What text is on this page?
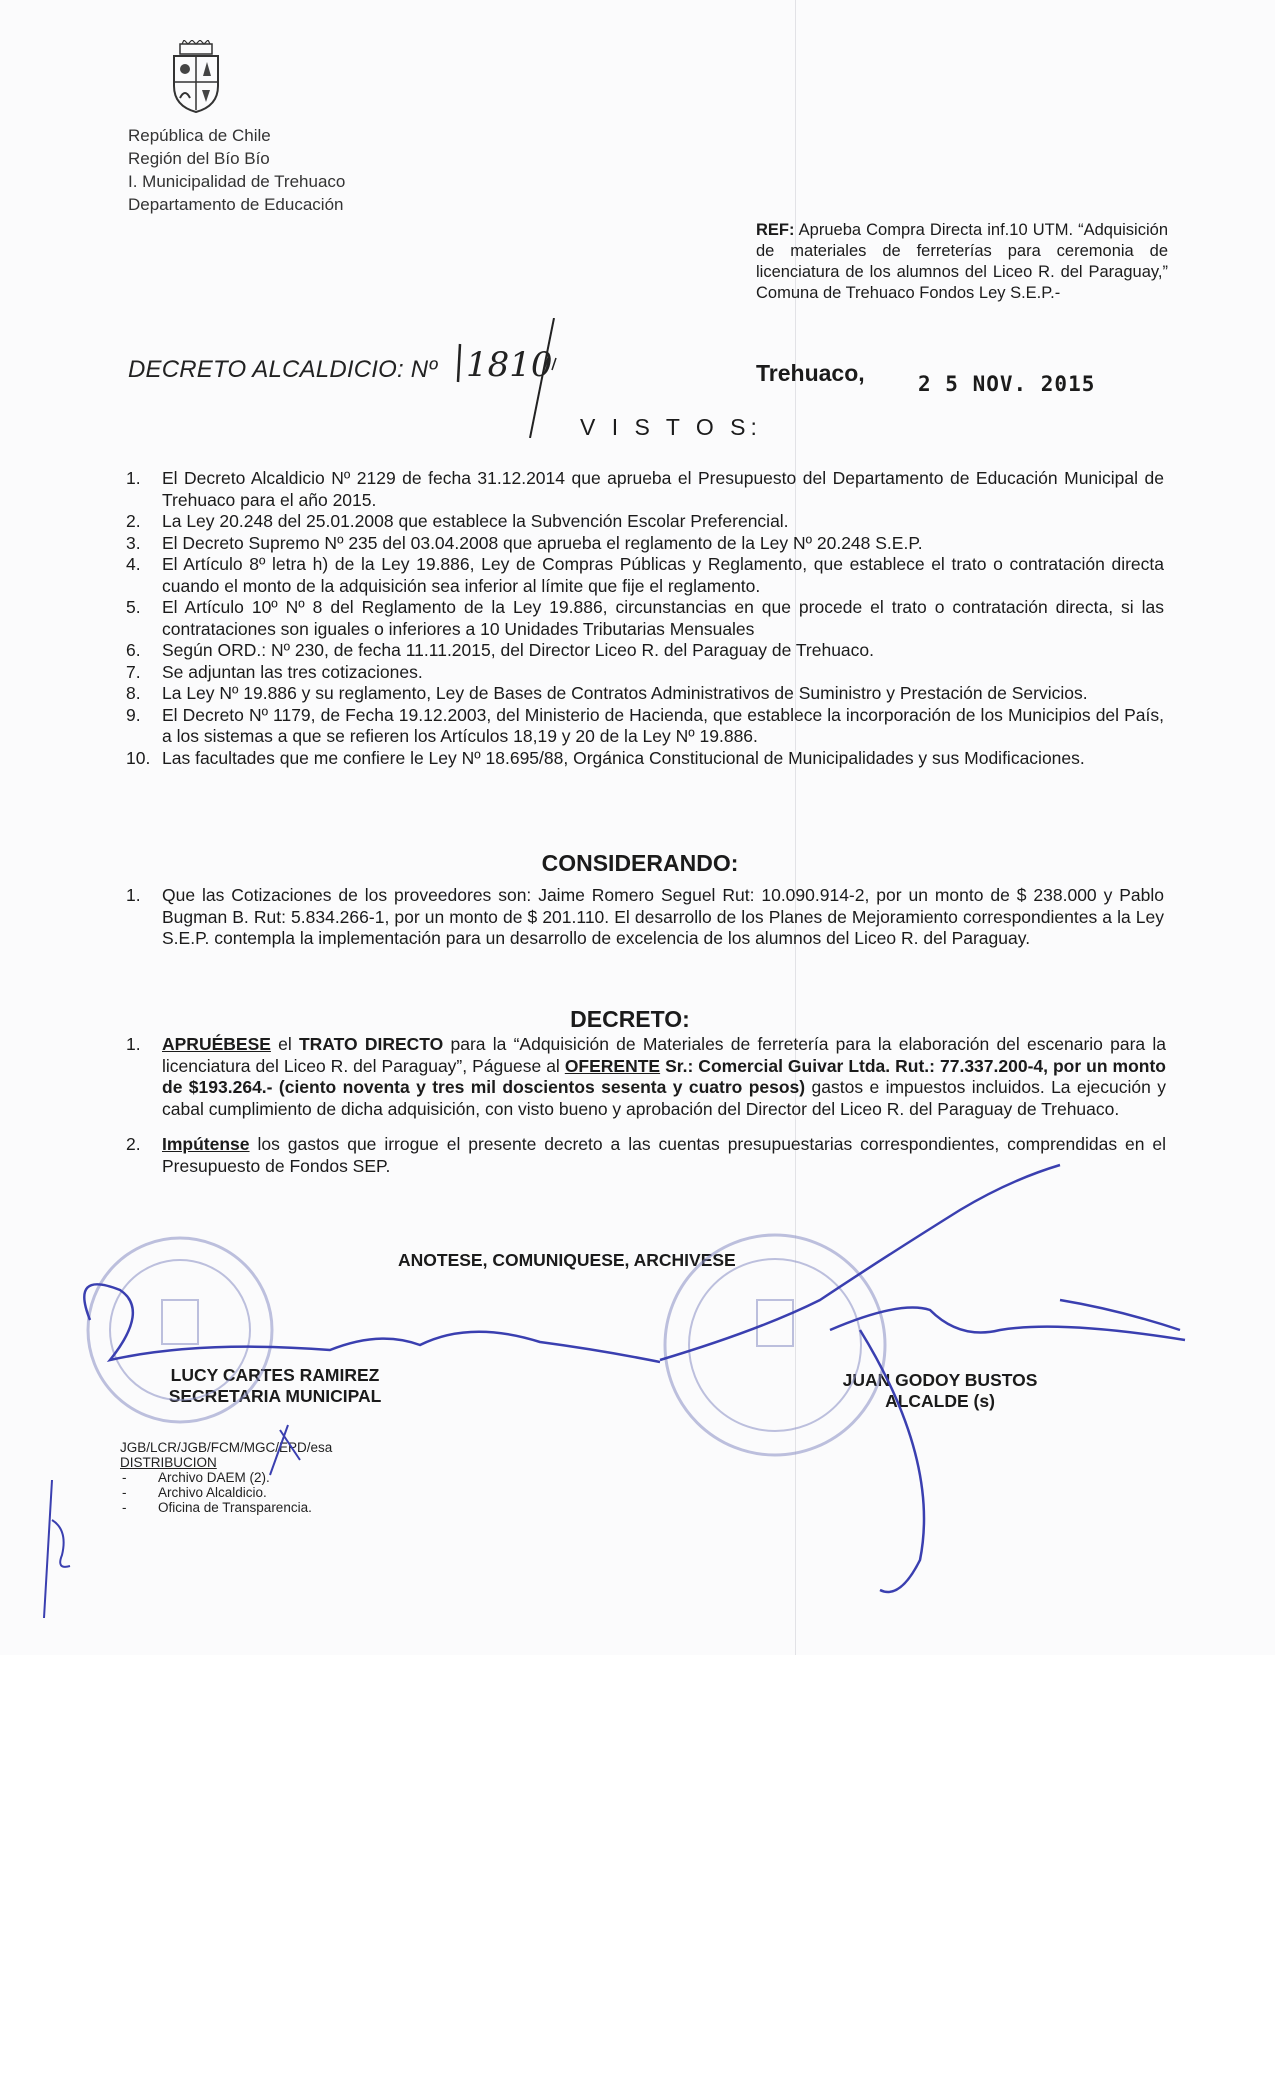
República de Chile
Región del Bío Bío
I. Municipalidad de Trehuaco
Departamento de Educación
REF: Aprueba Compra Directa inf.10 UTM. “Adquisición de materiales de ferreterías para ceremonia de licenciatura de los alumnos del Liceo R. del Paraguay,” Comuna de Trehuaco Fondos Ley S.E.P.-
DECRETO ALCALDICIO: Nº 1810	Trehuaco,	2 5 NOV. 2015
V I S T O S:
1.	El Decreto Alcaldicio Nº 2129 de fecha 31.12.2014 que aprueba el Presupuesto del Departamento de Educación Municipal de Trehuaco para el año 2015.
2.	La Ley 20.248 del 25.01.2008 que establece la Subvención Escolar Preferencial.
3.	El Decreto Supremo Nº 235 del 03.04.2008 que aprueba el reglamento de la Ley Nº 20.248 S.E.P.
4.	El Artículo 8º letra h) de la Ley 19.886, Ley de Compras Públicas y Reglamento, que establece el trato o contratación directa cuando el monto de la adquisición sea inferior al límite que fije el reglamento.
5.	El Artículo 10º Nº 8 del Reglamento de la Ley 19.886, circunstancias en que procede el trato o contratación directa, si las contrataciones son iguales o inferiores a 10 Unidades Tributarias Mensuales
6.	Según ORD.: Nº 230, de fecha 11.11.2015, del Director Liceo R. del Paraguay de Trehuaco.
7.	Se adjuntan las tres cotizaciones.
8.	La Ley Nº 19.886 y su reglamento, Ley de Bases de Contratos Administrativos de Suministro y Prestación de Servicios.
9.	El Decreto Nº 1179, de Fecha 19.12.2003, del Ministerio de Hacienda, que establece la incorporación de los Municipios del País, a los sistemas a que se refieren los Artículos 18,19 y 20 de la Ley Nº 19.886.
10. Las facultades que me confiere le Ley Nº 18.695/88, Orgánica Constitucional de Municipalidades y sus Modificaciones.
CONSIDERANDO:
1.	Que las Cotizaciones de los proveedores son: Jaime Romero Seguel Rut: 10.090.914-2, por un monto de $ 238.000 y Pablo Bugman B. Rut: 5.834.266-1, por un monto de $ 201.110. El desarrollo de los Planes de Mejoramiento correspondientes a la Ley S.E.P. contempla la implementación para un desarrollo de excelencia de los alumnos del Liceo R. del Paraguay.
DECRETO:
1.	APRUÉBESE el TRATO DIRECTO para la “Adquisición de Materiales de ferretería para la elaboración del escenario para la licenciatura del Liceo R. del Paraguay”, Páguese al OFERENTE Sr.: Comercial Guivar Ltda. Rut.: 77.337.200-4, por un monto de $193.264.- (ciento noventa y tres mil doscientos sesenta y cuatro pesos) gastos e impuestos incluidos. La ejecución y cabal cumplimiento de dicha adquisición, con visto bueno y aprobación del Director del Liceo R. del Paraguay de Trehuaco.
2.	Impútense los gastos que irrogue el presente decreto a las cuentas presupuestarias correspondientes, comprendidas en el Presupuesto de Fondos SEP.
ANOTESE, COMUNIQUESE, ARCHIVESE
LUCY CARTES RAMIREZ
SECRETARIA MUNICIPAL
JUAN GODOY BUSTOS
ALCALDE (s)
JGB/LCR/JGB/FCM/MGC/EPD/esa
DISTRIBUCION
- Archivo DAEM (2).
- Archivo Alcaldicio.
- Oficina de Transparencia.
